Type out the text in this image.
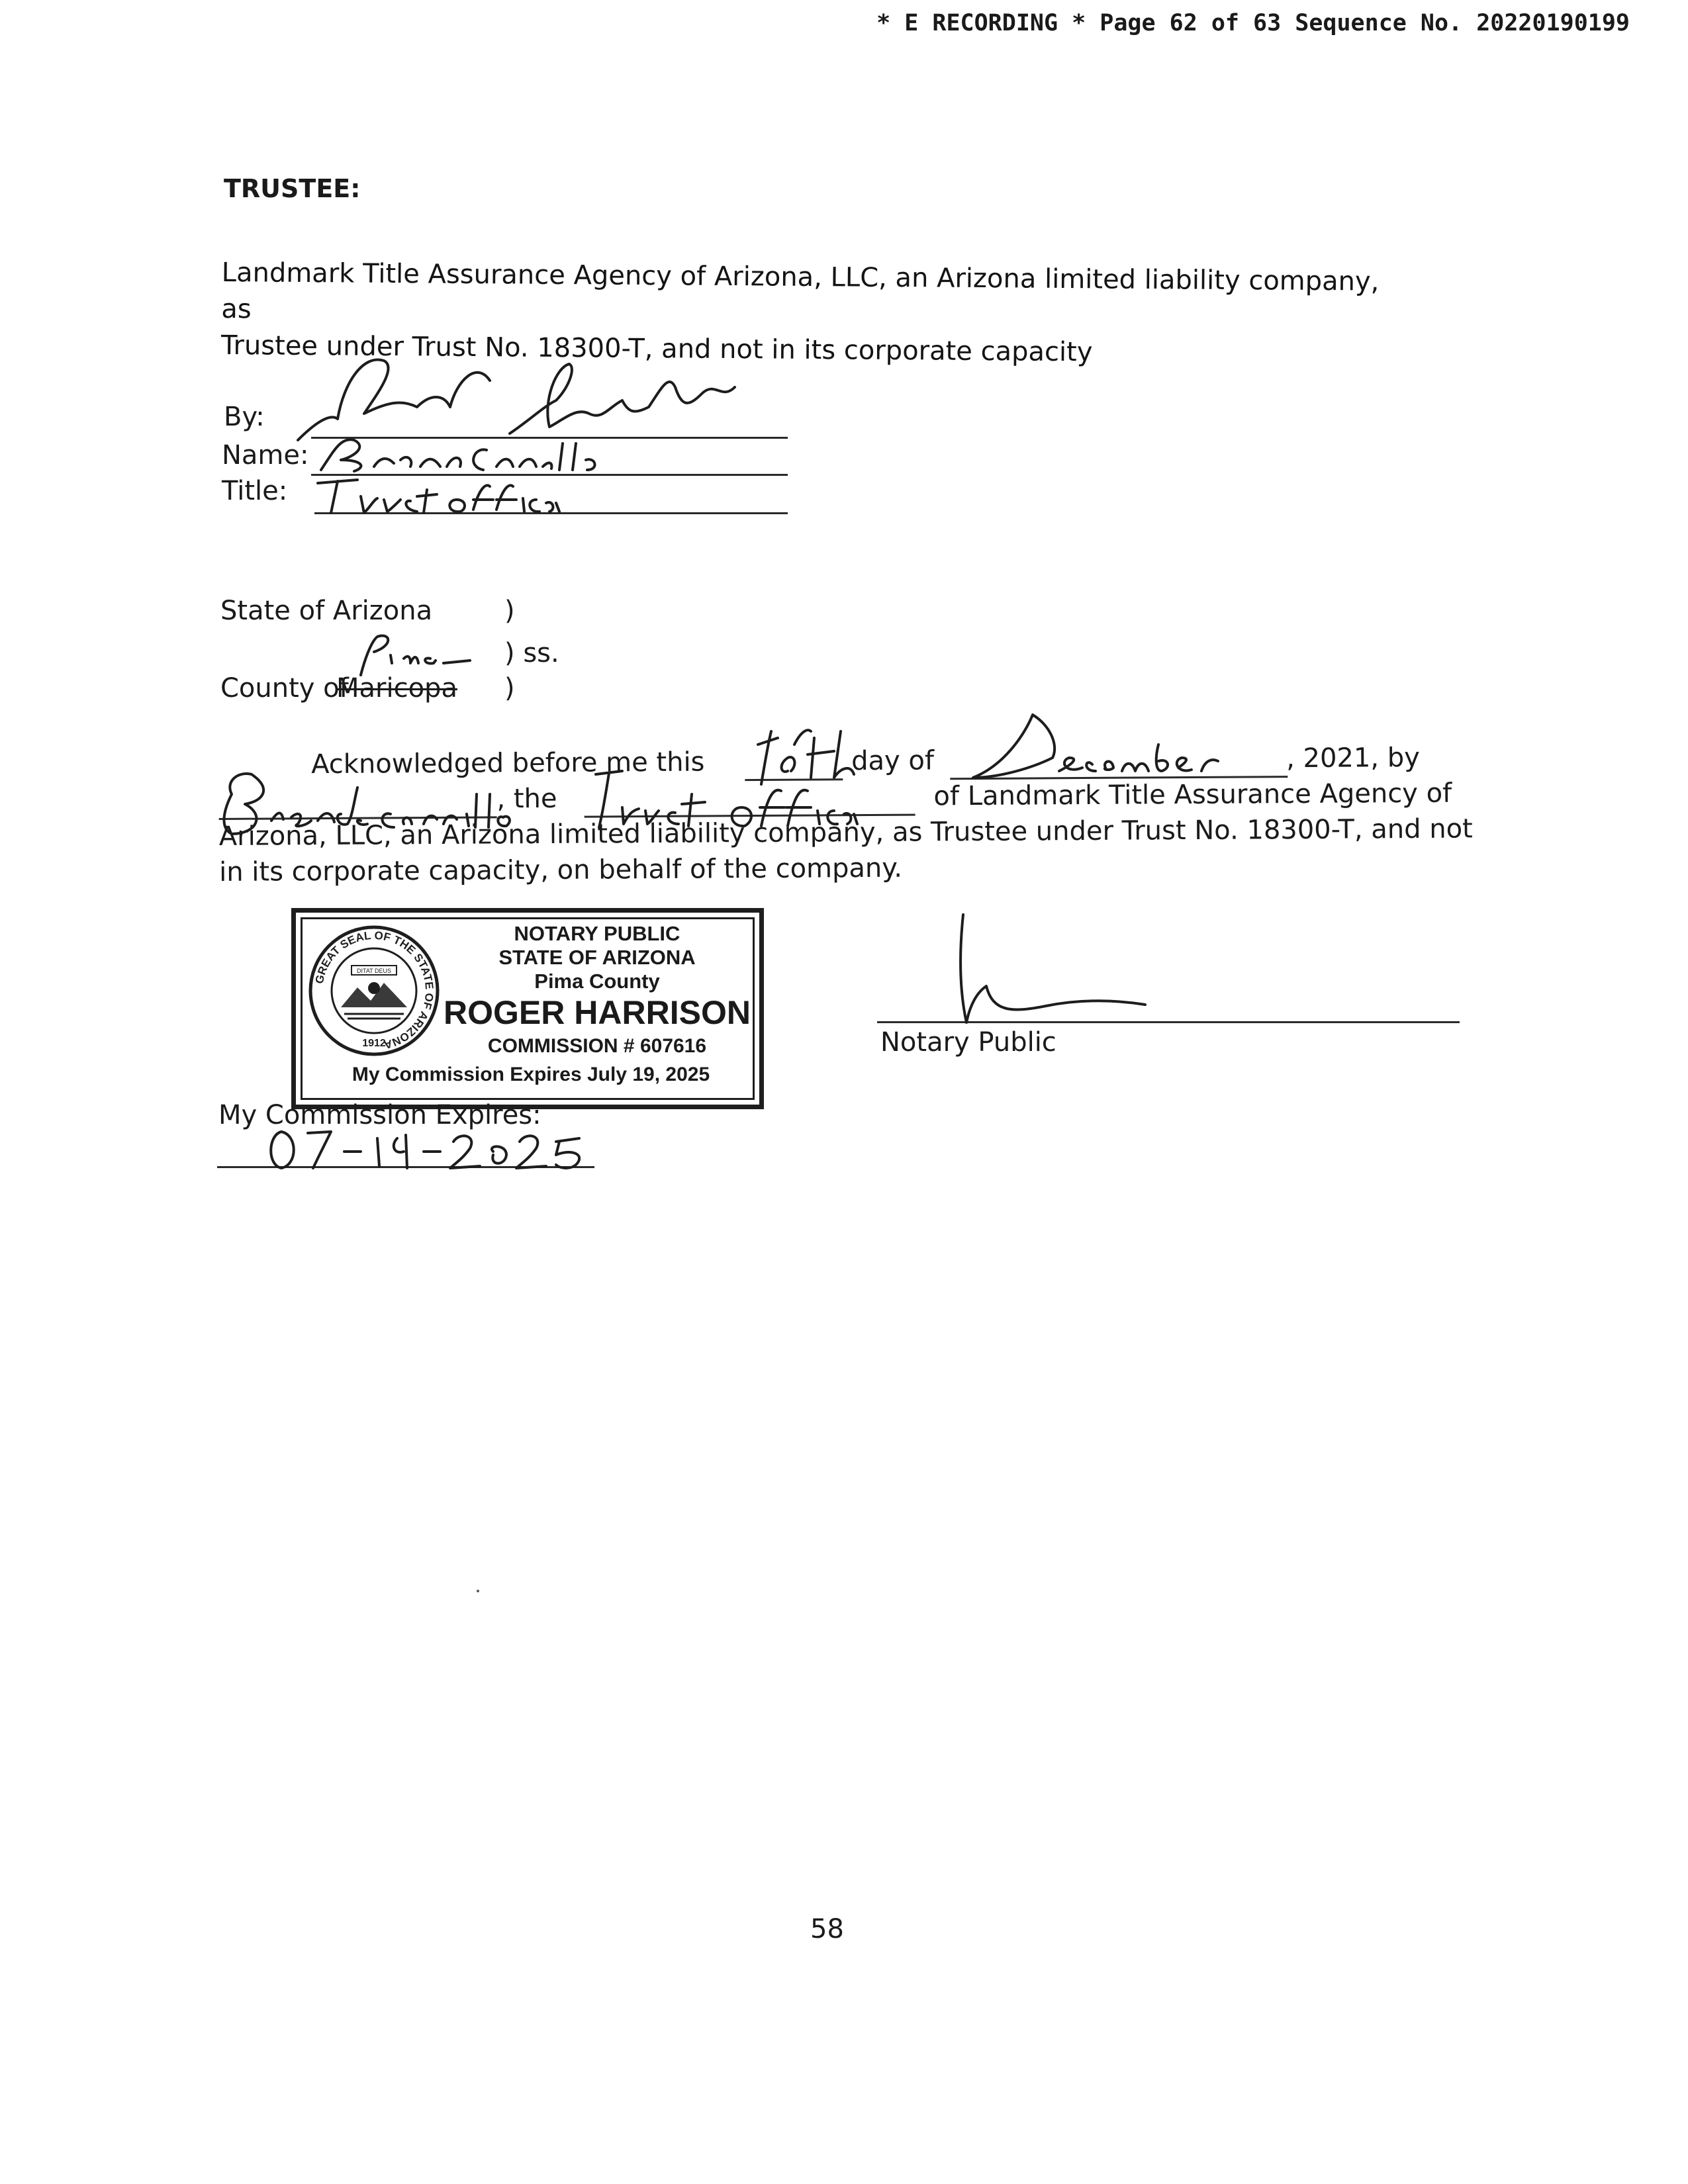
* E RECORDING * Page 62 of 63 Sequence No. 20220190199
TRUSTEE:
Landmark Title Assurance Agency of Arizona, LLC, an Arizona limited liability company, as
Trustee under Trust No. 18300-T, and not in its corporate capacity
By:
Name:
Title:
State of Arizona	)
) ss.
County of
Maricopa )
Acknowledged before me this	day of	, 2021, by
, the	of Landmark Title Assurance Agency of
Arizona, LLC, an Arizona limited liability company, as Trustee under Trust No. 18300-T, and not
in its corporate capacity, on behalf of the company.
GREAT SEAL OF THE STATE OF ARIZONA
DITAT DEUS
1912
NOTARY PUBLIC
STATE OF ARIZONA
Pima County
ROGER HARRISON
COMMISSION # 607616
My Commission Expires July 19, 2025
Notary Public
My Commission Expires:
58
